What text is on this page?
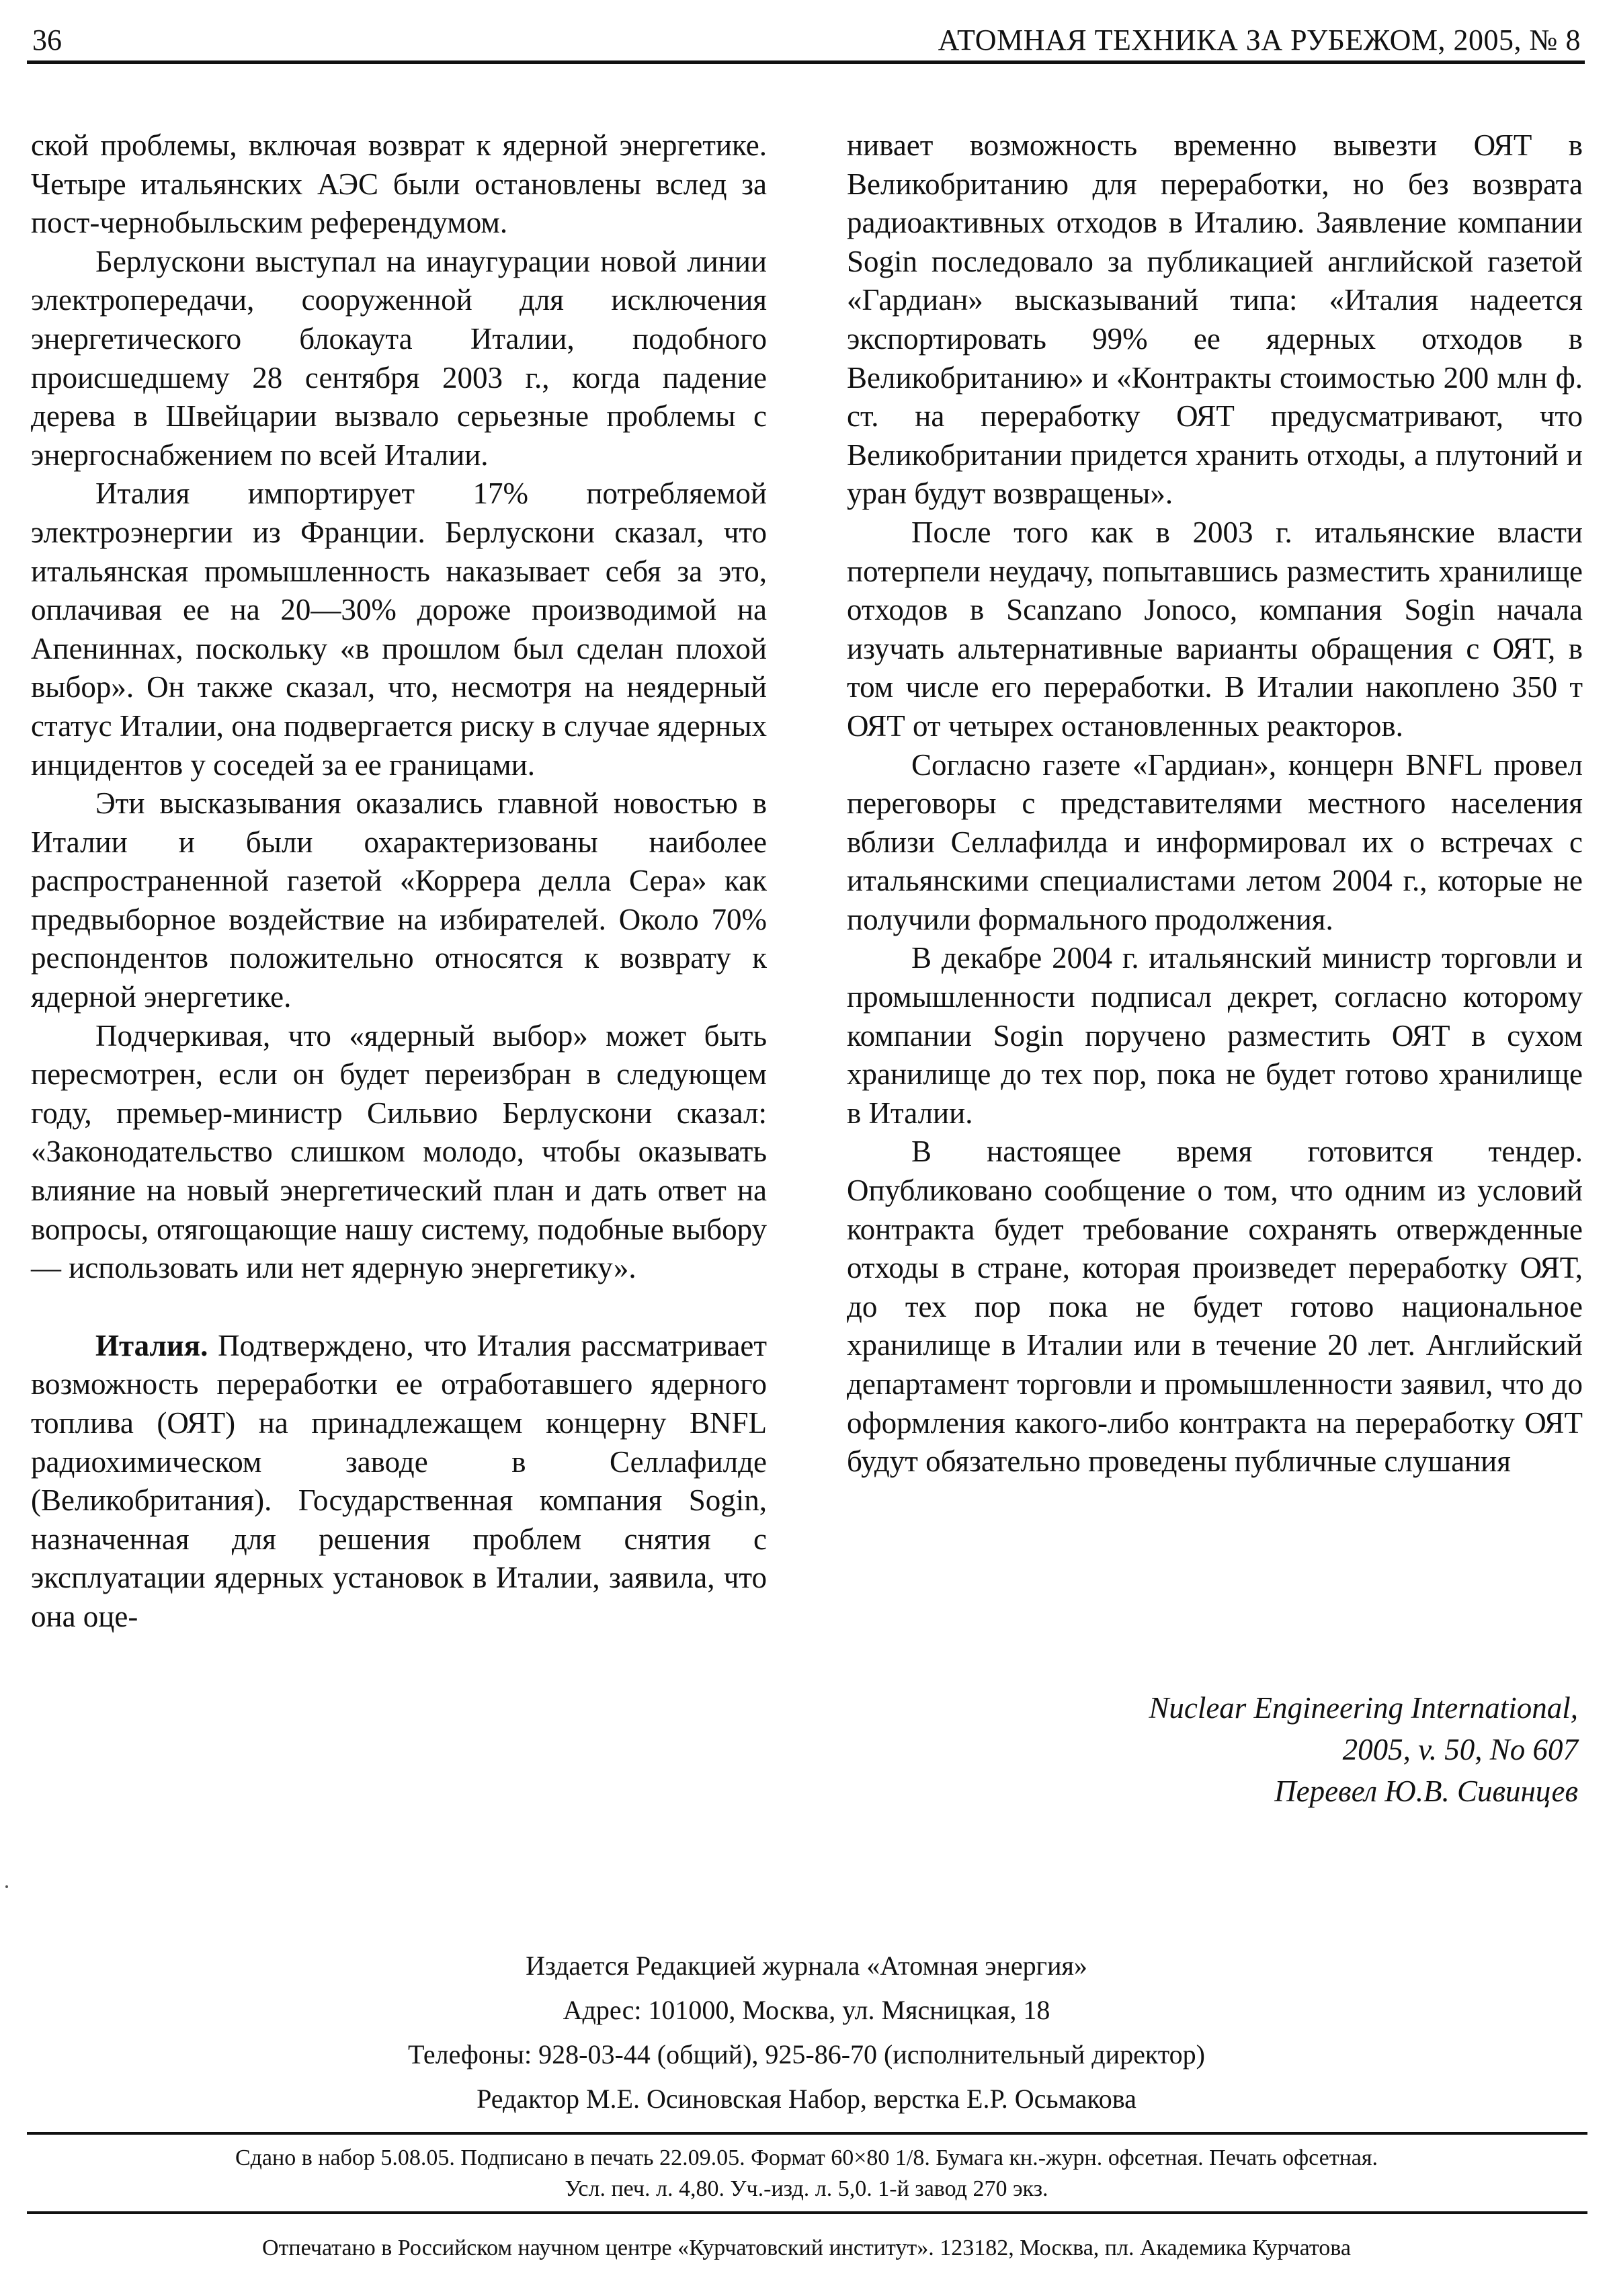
36	АТОМНАЯ ТЕХНИКА ЗА РУБЕЖОМ, 2005, № 8

ской проблемы, включая возврат к ядерной энергетике. Четыре итальянских АЭС были остановлены вслед за пост-чернобыльским референдумом.

Берлускони выступал на инаугурации новой линии электропередачи, сооруженной для исключения энергетического блокаута Италии, подобного происшедшему 28 сентября 2003 г., когда падение дерева в Швейцарии вызвало серьезные проблемы с энергоснабжением по всей Италии.

Италия импортирует 17% потребляемой электроэнергии из Франции. Берлускони сказал, что итальянская промышленность наказывает себя за это, оплачивая ее на 20—30% дороже производимой на Апениннах, поскольку «в прошлом был сделан плохой выбор». Он также сказал, что, несмотря на неядерный статус Италии, она подвергается риску в случае ядерных инцидентов у соседей за ее границами.

Эти высказывания оказались главной новостью в Италии и были охарактеризованы наиболее распространенной газетой «Коррера делла Сера» как предвыборное воздействие на избирателей. Около 70% респондентов положительно относятся к возврату к ядерной энергетике.

Подчеркивая, что «ядерный выбор» может быть пересмотрен, если он будет переизбран в следующем году, премьер-министр Сильвио Берлускони сказал: «Законодательство слишком молодо, чтобы оказывать влияние на новый энергетический план и дать ответ на вопросы, отягощающие нашу систему, подобные выбору — использовать или нет ядерную энергетику».

Италия. Подтверждено, что Италия рассматривает возможность переработки ее отработавшего ядерного топлива (ОЯТ) на принадлежащем концерну BNFL радиохимическом заводе в Селлафилде (Великобритания). Государственная компания Sogin, назначенная для решения проблем снятия с эксплуатации ядерных установок в Италии, заявила, что она оце-

нивает возможность временно вывезти ОЯТ в Великобританию для переработки, но без возврата радиоактивных отходов в Италию. Заявление компании Sogin последовало за публикацией английской газетой «Гардиан» высказываний типа: «Италия надеется экспортировать 99% ее ядерных отходов в Великобританию» и «Контракты стоимостью 200 млн ф. ст. на переработку ОЯТ предусматривают, что Великобритании придется хранить отходы, а плутоний и уран будут возвращены».

После того как в 2003 г. итальянские власти потерпели неудачу, попытавшись разместить хранилище отходов в Scanzano Jonoco, компания Sogin начала изучать альтернативные варианты обращения с ОЯТ, в том числе его переработки. В Италии накоплено 350 т ОЯТ от четырех остановленных реакторов.

Согласно газете «Гардиан», концерн BNFL провел переговоры с представителями местного населения вблизи Селлафилда и информировал их о встречах с итальянскими специалистами летом 2004 г., которые не получили формального продолжения.

В декабре 2004 г. итальянский министр торговли и промышленности подписал декрет, согласно которому компании Sogin поручено разместить ОЯТ в сухом хранилище до тех пор, пока не будет готово хранилище в Италии.

В настоящее время готовится тендер. Опубликовано сообщение о том, что одним из условий контракта будет требование сохранять отвержденные отходы в стране, которая произведет переработку ОЯТ, до тех пор пока не будет готово национальное хранилище в Италии или в течение 20 лет. Английский департамент торговли и промышленности заявил, что до оформления какого-либо контракта на переработку ОЯТ будут обязательно проведены публичные слушания

Nuclear Engineering International,
2005, v. 50, No 607
Перевел Ю.В. Сивинцев
Издается Редакцией журнала «Атомная энергия»
Адрес: 101000, Москва, ул. Мясницкая, 18
Телефоны: 928-03-44 (общий), 925-86-70 (исполнительный директор)
Редактор М.Е. Осиновская Набор, верстка Е.Р. Осьмакова
Сдано в набор 5.08.05. Подписано в печать 22.09.05. Формат 60×80 1/8. Бумага кн.-журн. офсетная. Печать офсетная.
Усл. печ. л. 4,80. Уч.-изд. л. 5,0. 1-й завод 270 экз.
Отпечатано в Российском научном центре «Курчатовский институт». 123182, Москва, пл. Академика Курчатова
